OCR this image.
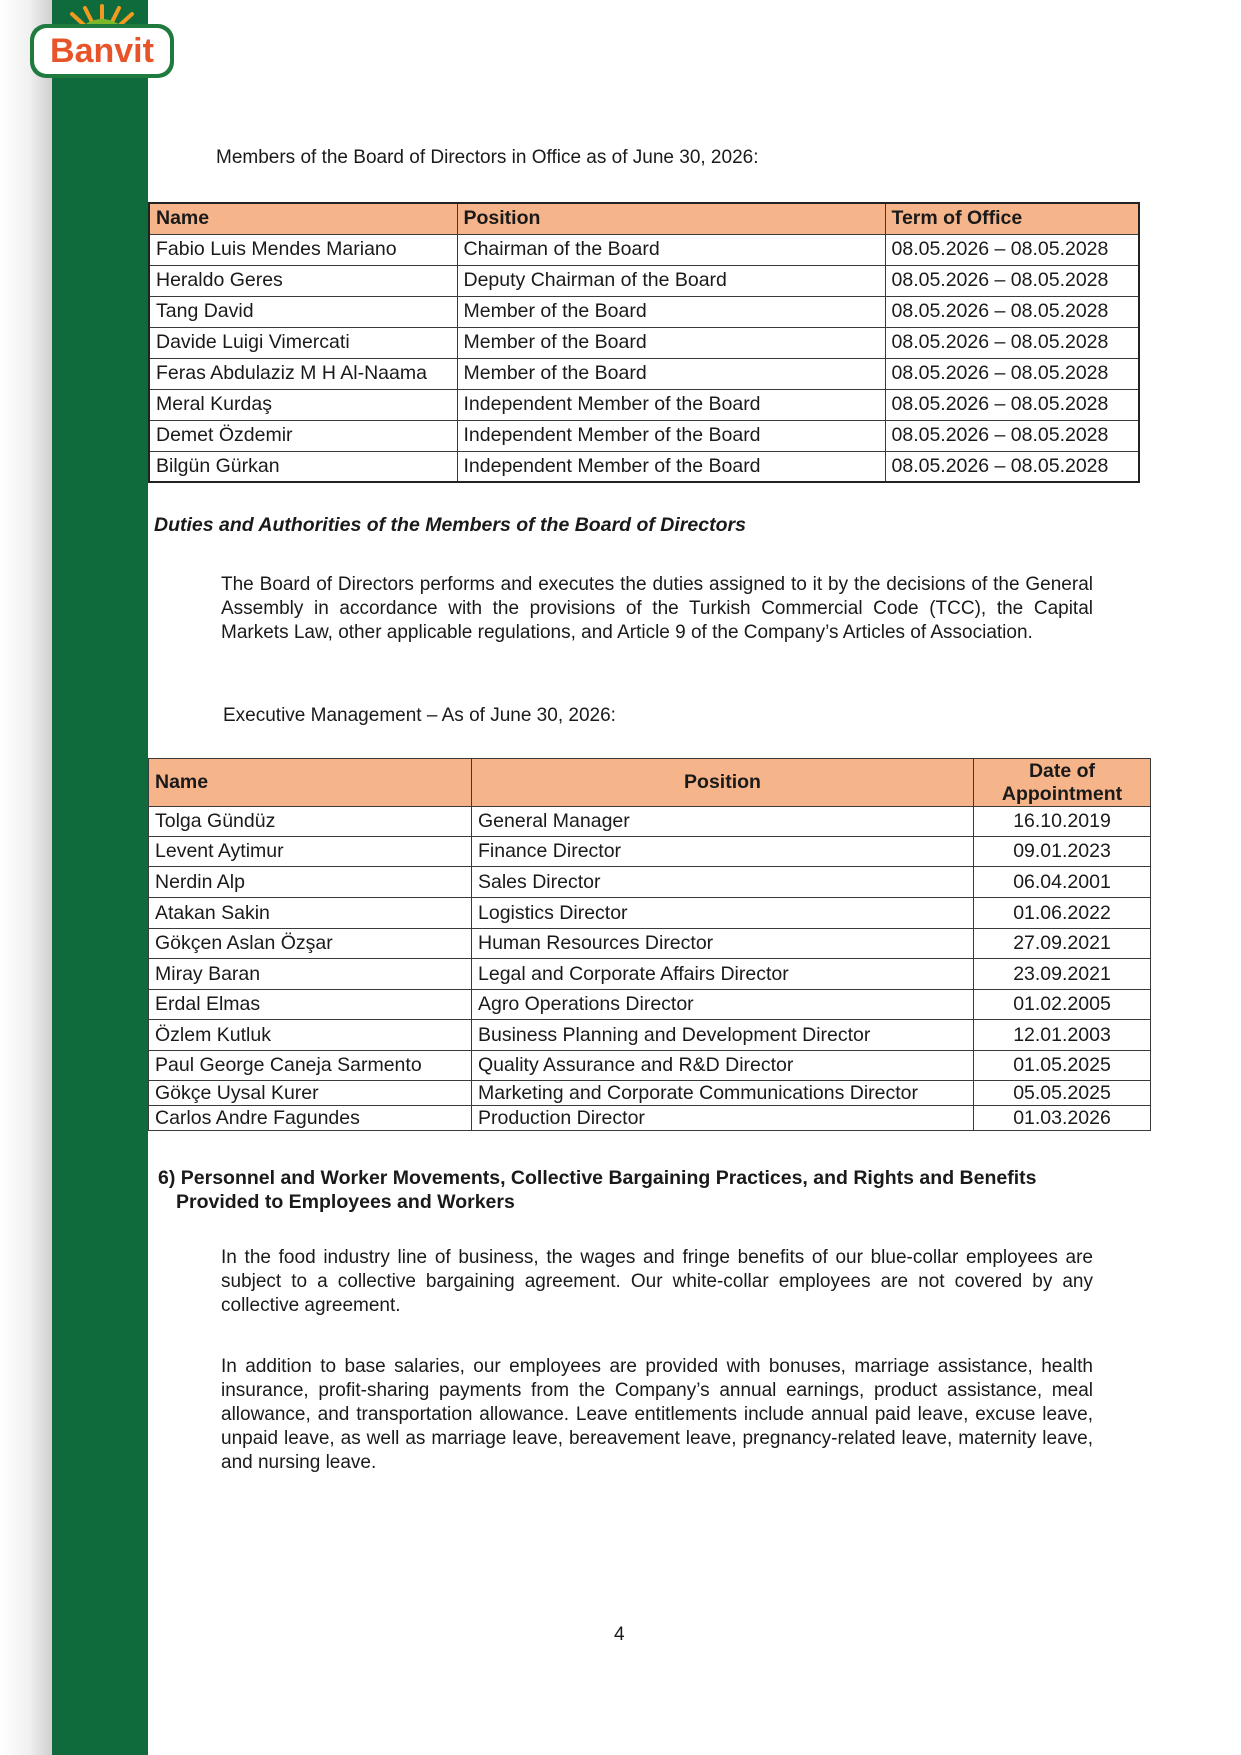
Banvit
Members of the Board of Directors in Office as of June 30, 2026:
Name	Position	Term of Office
Fabio Luis Mendes Mariano	Chairman of the Board	08.05.2026 – 08.05.2028
Heraldo Geres	Deputy Chairman of the Board	08.05.2026 – 08.05.2028
Tang David	Member of the Board	08.05.2026 – 08.05.2028
Davide Luigi Vimercati	Member of the Board	08.05.2026 – 08.05.2028
Feras Abdulaziz M H Al-Naama	Member of the Board	08.05.2026 – 08.05.2028
Meral Kurdaş	Independent Member of the Board	08.05.2026 – 08.05.2028
Demet Özdemir	Independent Member of the Board	08.05.2026 – 08.05.2028
Bilgün Gürkan	Independent Member of the Board	08.05.2026 – 08.05.2028
Duties and Authorities of the Members of the Board of Directors
The Board of Directors performs and executes the duties assigned to it by the decisions of the General Assembly in accordance with the provisions of the Turkish Commercial Code (TCC), the Capital Markets Law, other applicable regulations, and Article 9 of the Company’s Articles of Association.
Executive Management – As of June 30, 2026:
Name	Position	Date of
Appointment

Tolga Gündüz	General Manager	16.10.2019
Levent Aytimur	Finance Director	09.01.2023
Nerdin Alp	Sales Director	06.04.2001
Atakan Sakin	Logistics Director	01.06.2022
Gökçen Aslan Özşar	Human Resources Director	27.09.2021
Miray Baran	Legal and Corporate Affairs Director	23.09.2021
Erdal Elmas	Agro Operations Director	01.02.2005
Özlem Kutluk	Business Planning and Development Director	12.01.2003
Paul George Caneja Sarmento	Quality Assurance and R&D Director	01.05.2025
Gökçe Uysal Kurer	Marketing and Corporate Communications Director	05.05.2025
Carlos Andre Fagundes	Production Director	01.03.2026
6) Personnel and Worker Movements, Collective Bargaining Practices, and Rights and Benefits
Provided to Employees and Workers
In the food industry line of business, the wages and fringe benefits of our blue-collar employees are subject to a collective bargaining agreement. Our white-collar employees are not covered by any collective agreement.
In addition to base salaries, our employees are provided with bonuses, marriage assistance, health insurance, profit-sharing payments from the Company’s annual earnings, product assistance, meal allowance, and transportation allowance. Leave entitlements include annual paid leave, excuse leave, unpaid leave, as well as marriage leave, bereavement leave, pregnancy-related leave, maternity leave, and nursing leave.
4
